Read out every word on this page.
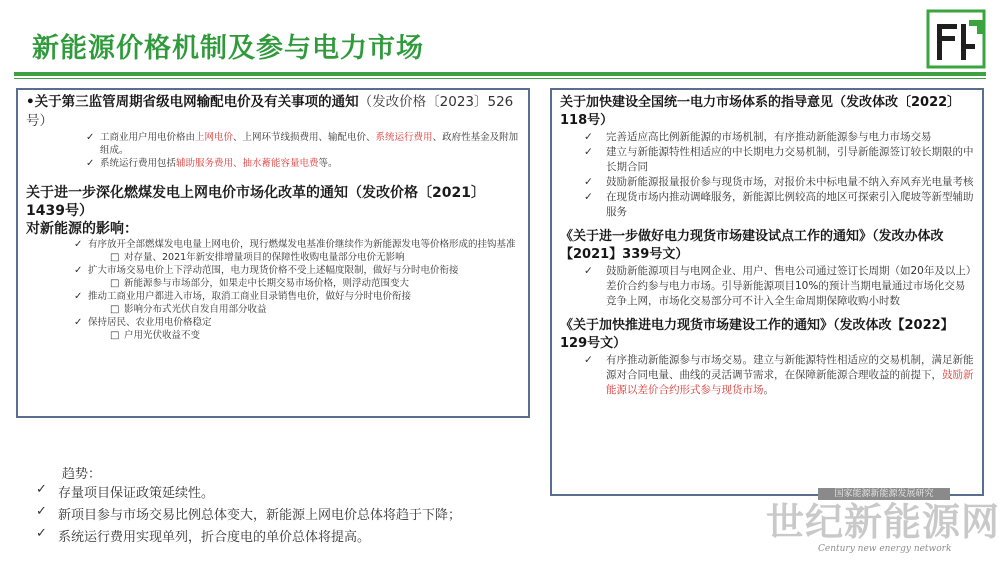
新能源价格机制及参与电力市场
•关于第三监管周期省级电网输配电价及有关事项的通知（发改价格〔2023〕526号）
✓ 工商业用户用电价格由上网电价、上网环节线损费用、输配电价、系统运行费用、政府性基金及附加组成。
✓ 系统运行费用包括辅助服务费用、抽水蓄能容量电费等。
关于进一步深化燃煤发电上网电价市场化改革的通知（发改价格〔2021〕1439号）
对新能源的影响：
✓ 有序放开全部燃煤发电电量上网电价，现行燃煤发电基准价继续作为新能源发电等价格形成的挂钩基准
□ 对存量、2021年新安排增量项目的保障性收购电量部分电价无影响
✓ 扩大市场交易电价上下浮动范围，电力现货价格不受上述幅度限制，做好与分时电价衔接
□ 新能源参与市场部分，如果走中长期交易市场价格，则浮动范围变大
✓ 推动工商业用户都进入市场，取消工商业目录销售电价，做好与分时电价衔接
□ 影响分布式光伏自发自用部分收益
✓ 保持居民、农业用电价格稳定
□ 户用光伏收益不变
关于加快建设全国统一电力市场体系的指导意见（发改体改〔2022〕118号）
✓ 完善适应高比例新能源的市场机制，有序推动新能源参与电力市场交易
✓ 建立与新能源特性相适应的中长期电力交易机制，引导新能源签订较长期限的中长期合同
✓ 鼓励新能源报量报价参与现货市场，对报价未中标电量不纳入弃风弃光电量考核
✓ 在现货市场内推动调峰服务，新能源比例较高的地区可探索引入爬坡等新型辅助服务
《关于进一步做好电力现货市场建设试点工作的通知》（发改办体改【2021】339号文）
✓ 鼓励新能源项目与电网企业、用户、售电公司通过签订长周期（如20年及以上）差价合约参与电力市场。引导新能源项目10%的预计当期电量通过市场化交易竞争上网，市场化交易部分可不计入全生命周期保障收购小时数
《关于加快推进电力现货市场建设工作的通知》（发改体改【2022】129号文）
✓ 有序推动新能源参与市场交易。建立与新能源特性相适应的交易机制，满足新能源对合同电量、曲线的灵活调节需求，在保障新能源合理收益的前提下，鼓励新能源以差价合约形式参与现货市场。
趋势：
✓ 存量项目保证政策延续性。
✓ 新项目参与市场交易比例总体变大，新能源上网电价总体将趋于下降；
✓ 系统运行费用实现单列，折合度电的单价总体将提高。
国家能源新能源发展研究
世纪新能源网
Century new energy network
